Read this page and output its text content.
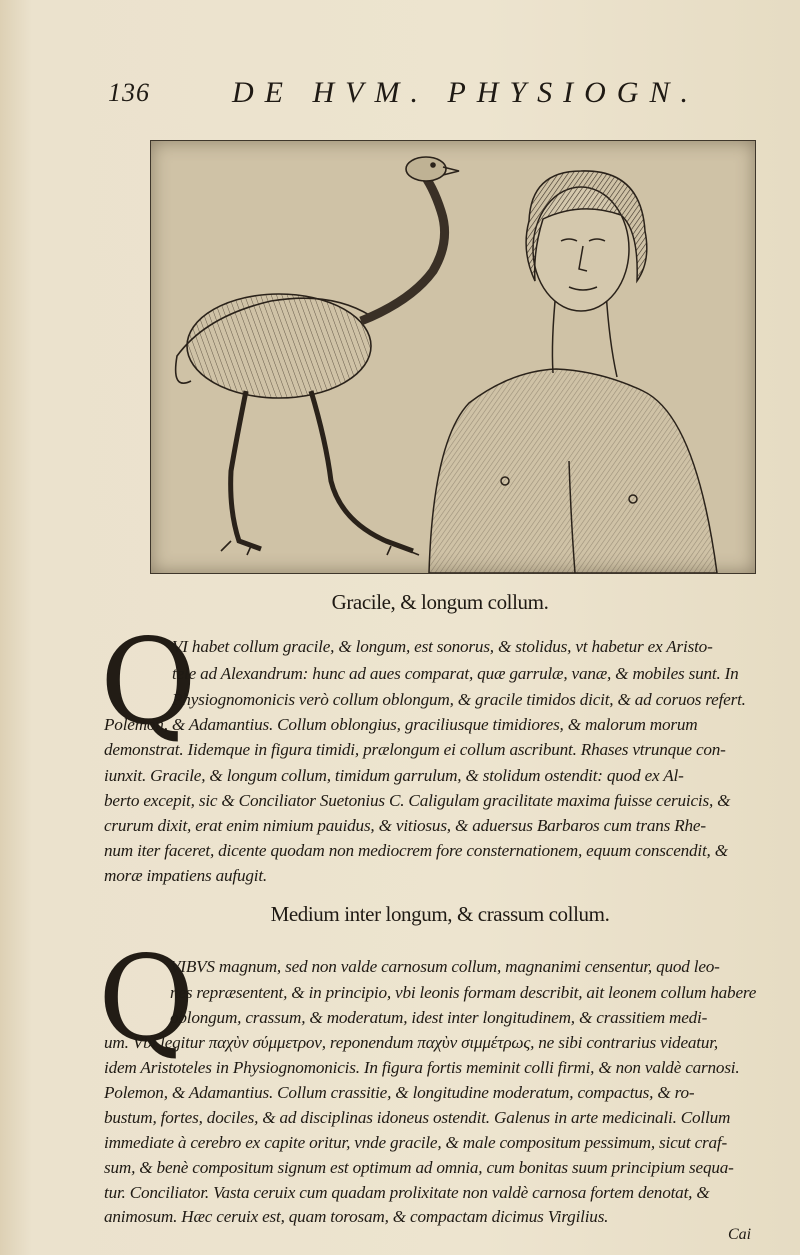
136	DE HVM. PHYSIOGN.
Gracile, & longum collum.
Q
VI habet collum gracile, & longum, est sonorus, & stolidus, vt habetur ex Aristo-
tele ad Alexandrum: hunc ad aues comparat, quæ garrulæ, vanæ, & mobiles sunt. In
Physiognomonicis verò collum oblongum, & gracile timidos dicit, & ad coruos refert.
Polemon, & Adamantius. Collum oblongius, graciliusque timidiores, & malorum morum
demonstrat. Iidemque in figura timidi, prælongum ei collum ascribunt. Rhases vtrunque con-
iunxit. Gracile, & longum collum, timidum garrulum, & stolidum ostendit: quod ex Al-
berto excepit, sic & Conciliator Suetonius C. Caligulam gracilitate maxima fuisse ceruicis, &
crurum dixit, erat enim nimium pauidus, & vitiosus, & aduersus Barbaros cum trans Rhe-
num iter faceret, dicente quodam non mediocrem fore consternationem, equum conscendit, &
moræ impatiens aufugit.
Medium inter longum, & crassum collum.
Q
VIBVS magnum, sed non valde carnosum collum, magnanimi censentur, quod leo-
nes repræsentent, & in principio, vbi leonis formam describit, ait leonem collum habere
oblongum, crassum, & moderatum, idest inter longitudinem, & crassitiem medi-
um. Vbi legitur παχὺν σύμμετρον, reponendum παχὺν σιμμέτρως, ne sibi contrarius videatur,
idem Aristoteles in Physiognomonicis. In figura fortis meminit colli firmi, & non valdè carnosi.
Polemon, & Adamantius. Collum crassitie, & longitudine moderatum, compactus, & ro-
bustum, fortes, dociles, & ad disciplinas idoneus ostendit. Galenus in arte medicinali. Collum
immediate à cerebro ex capite oritur, vnde gracile, & male compositum pessimum, sicut craf-
sum, & benè compositum signum est optimum ad omnia, cum bonitas suum principium sequa-
tur. Conciliator. Vasta ceruix cum quadam prolixitate non valdè carnosa fortem denotat, &
animosum. Hæc ceruix est, quam torosam, & compactam dicimus Virgilius.
Cai
